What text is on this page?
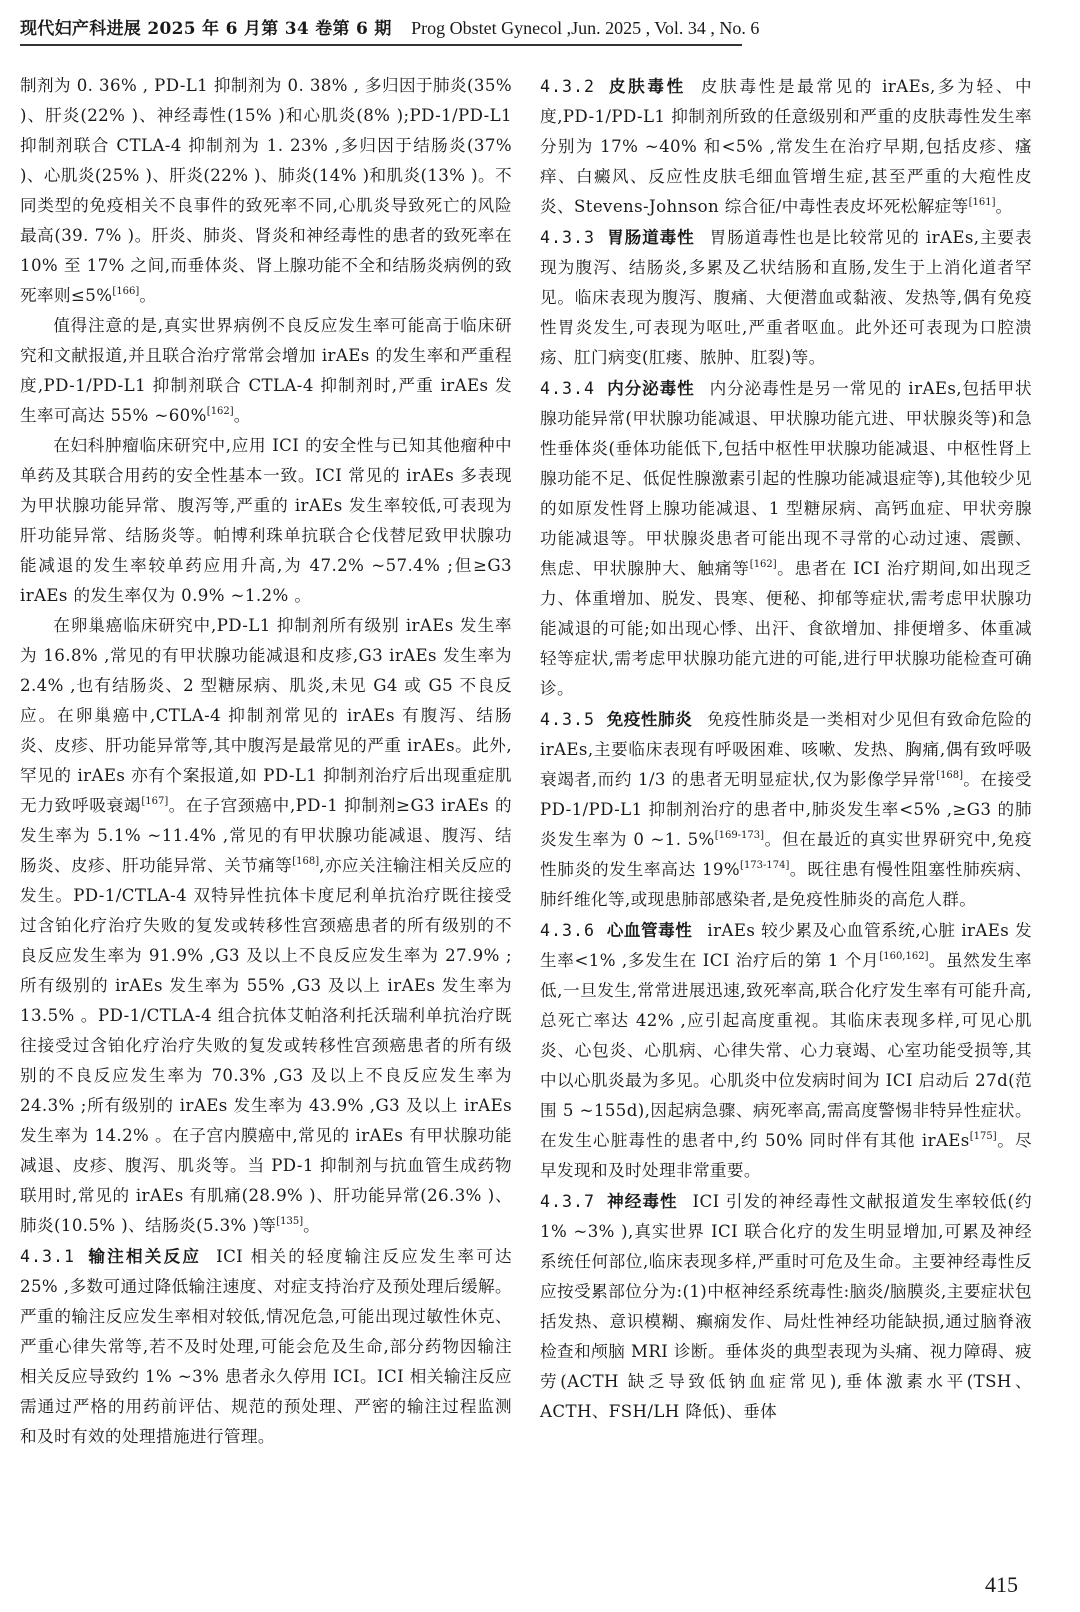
现代妇产科进展 2025 年 6 月第 34 卷第 6 期 Prog Obstet Gynecol ,Jun. 2025 , Vol. 34 , No. 6

制剂为 0. 36% , PD-L1 抑制剂为 0. 38% , 多归因于肺炎(35% )、肝炎(22% )、神经毒性(15% )和心肌炎(8% );PD-1/PD-L1 抑制剂联合 CTLA-4 抑制剂为 1. 23% ,多归因于结肠炎(37% )、心肌炎(25% )、肝炎(22% )、肺炎(14% )和肌炎(13% )。不同类型的免疫相关不良事件的致死率不同,心肌炎导致死亡的风险最高(39. 7% )。肝炎、肺炎、肾炎和神经毒性的患者的致死率在 10% 至 17% 之间,而垂体炎、肾上腺功能不全和结肠炎病例的致死率则≤5%[166]。

值得注意的是,真实世界病例不良反应发生率可能高于临床研究和文献报道,并且联合治疗常常会增加 irAEs 的发生率和严重程度,PD-1/PD-L1 抑制剂联合 CTLA-4 抑制剂时,严重 irAEs 发生率可高达 55% ~60%[162]。

在妇科肿瘤临床研究中,应用 ICI 的安全性与已知其他瘤种中单药及其联合用药的安全性基本一致。ICI 常见的 irAEs 多表现为甲状腺功能异常、腹泻等,严重的 irAEs 发生率较低,可表现为肝功能异常、结肠炎等。帕博利珠单抗联合仑伐替尼致甲状腺功能减退的发生率较单药应用升高,为 47.2% ~57.4% ;但≥G3 irAEs 的发生率仅为 0.9% ~1.2% 。

在卵巢癌临床研究中,PD-L1 抑制剂所有级别 irAEs 发生率为 16.8% ,常见的有甲状腺功能减退和皮疹,G3 irAEs 发生率为 2.4% ,也有结肠炎、2 型糖尿病、肌炎,未见 G4 或 G5 不良反应。在卵巢癌中,CTLA-4 抑制剂常见的 irAEs 有腹泻、结肠炎、皮疹、肝功能异常等,其中腹泻是最常见的严重 irAEs。此外,罕见的 irAEs 亦有个案报道,如 PD-L1 抑制剂治疗后出现重症肌无力致呼吸衰竭[167]。在子宫颈癌中,PD-1 抑制剂≥G3 irAEs 的发生率为 5.1% ~11.4% ,常见的有甲状腺功能减退、腹泻、结肠炎、皮疹、肝功能异常、关节痛等[168],亦应关注输注相关反应的发生。PD-1/CTLA-4 双特异性抗体卡度尼利单抗治疗既往接受过含铂化疗治疗失败的复发或转移性宫颈癌患者的所有级别的不良反应发生率为 91.9% ,G3 及以上不良反应发生率为 27.9% ;所有级别的 irAEs 发生率为 55% ,G3 及以上 irAEs 发生率为 13.5% 。PD-1/CTLA-4 组合抗体艾帕洛利托沃瑞利单抗治疗既往接受过含铂化疗治疗失败的复发或转移性宫颈癌患者的所有级别的不良反应发生率为 70.3% ,G3 及以上不良反应发生率为 24.3% ;所有级别的 irAEs 发生率为 43.9% ,G3 及以上 irAEs 发生率为 14.2% 。在子宫内膜癌中,常见的 irAEs 有甲状腺功能减退、皮疹、腹泻、肌炎等。当 PD-1 抑制剂与抗血管生成药物联用时,常见的 irAEs 有肌痛(28.9% )、肝功能异常(26.3% )、肺炎(10.5% )、结肠炎(5.3% )等[135]。

4.3.1 输注相关反应 ICI 相关的轻度输注反应发生率可达 25% ,多数可通过降低输注速度、对症支持治疗及预处理后缓解。严重的输注反应发生率相对较低,情况危急,可能出现过敏性休克、严重心律失常等,若不及时处理,可能会危及生命,部分药物因输注相关反应导致约 1% ~3% 患者永久停用 ICI。ICI 相关输注反应需通过严格的用药前评估、规范的预处理、严密的输注过程监测和及时有效的处理措施进行管理。

4.3.2 皮肤毒性 皮肤毒性是最常见的 irAEs,多为轻、中度,PD-1/PD-L1 抑制剂所致的任意级别和严重的皮肤毒性发生率分别为 17% ~40% 和<5% ,常发生在治疗早期,包括皮疹、瘙痒、白癜风、反应性皮肤毛细血管增生症,甚至严重的大疱性皮炎、Stevens-Johnson 综合征/中毒性表皮坏死松解症等[161]。

4.3.3 胃肠道毒性 胃肠道毒性也是比较常见的 irAEs,主要表现为腹泻、结肠炎,多累及乙状结肠和直肠,发生于上消化道者罕见。临床表现为腹泻、腹痛、大便潜血或黏液、发热等,偶有免疫性胃炎发生,可表现为呕吐,严重者呕血。此外还可表现为口腔溃疡、肛门病变(肛瘘、脓肿、肛裂)等。

4.3.4 内分泌毒性 内分泌毒性是另一常见的 irAEs,包括甲状腺功能异常(甲状腺功能减退、甲状腺功能亢进、甲状腺炎等)和急性垂体炎(垂体功能低下,包括中枢性甲状腺功能减退、中枢性肾上腺功能不足、低促性腺激素引起的性腺功能减退症等),其他较少见的如原发性肾上腺功能减退、1 型糖尿病、高钙血症、甲状旁腺功能减退等。甲状腺炎患者可能出现不寻常的心动过速、震颤、焦虑、甲状腺肿大、触痛等[162]。患者在 ICI 治疗期间,如出现乏力、体重增加、脱发、畏寒、便秘、抑郁等症状,需考虑甲状腺功能减退的可能;如出现心悸、出汗、食欲增加、排便增多、体重减轻等症状,需考虑甲状腺功能亢进的可能,进行甲状腺功能检查可确诊。

4.3.5 免疫性肺炎 免疫性肺炎是一类相对少见但有致命危险的 irAEs,主要临床表现有呼吸困难、咳嗽、发热、胸痛,偶有致呼吸衰竭者,而约 1/3 的患者无明显症状,仅为影像学异常[168]。在接受 PD-1/PD-L1 抑制剂治疗的患者中,肺炎发生率<5% ,≥G3 的肺炎发生率为 0 ~1. 5%[169-173]。但在最近的真实世界研究中,免疫性肺炎的发生率高达 19%[173-174]。既往患有慢性阻塞性肺疾病、肺纤维化等,或现患肺部感染者,是免疫性肺炎的高危人群。

4.3.6 心血管毒性 irAEs 较少累及心血管系统,心脏 irAEs 发生率<1% ,多发生在 ICI 治疗后的第 1 个月[160,162]。虽然发生率低,一旦发生,常常进展迅速,致死率高,联合化疗发生率有可能升高,总死亡率达 42% ,应引起高度重视。其临床表现多样,可见心肌炎、心包炎、心肌病、心律失常、心力衰竭、心室功能受损等,其中以心肌炎最为多见。心肌炎中位发病时间为 ICI 启动后 27d(范围 5 ~155d),因起病急骤、病死率高,需高度警惕非特异性症状。在发生心脏毒性的患者中,约 50% 同时伴有其他 irAEs[175]。尽早发现和及时处理非常重要。

4.3.7 神经毒性 ICI 引发的神经毒性文献报道发生率较低(约 1% ~3% ),真实世界 ICI 联合化疗的发生明显增加,可累及神经系统任何部位,临床表现多样,严重时可危及生命。主要神经毒性反应按受累部位分为:(1)中枢神经系统毒性:脑炎/脑膜炎,主要症状包括发热、意识模糊、癫痫发作、局灶性神经功能缺损,通过脑脊液检查和颅脑 MRI 诊断。垂体炎的典型表现为头痛、视力障碍、疲劳(ACTH 缺乏导致低钠血症常见),垂体激素水平(TSH、ACTH、FSH/LH 降低)、垂体

415
